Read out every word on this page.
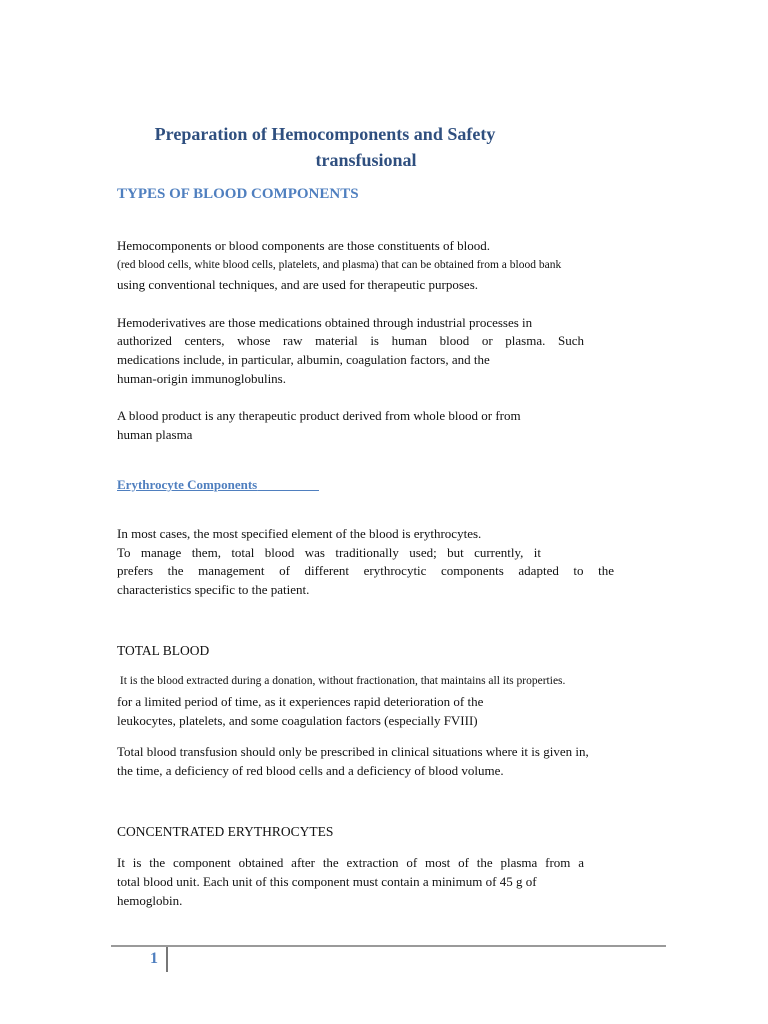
Preparation of Hemocomponents and Safety
transfusional
TYPES OF BLOOD COMPONENTS
Hemocomponents or blood components are those constituents of blood.
(red blood cells, white blood cells, platelets, and plasma) that can be obtained from a blood bank
using conventional techniques, and are used for therapeutic purposes.
Hemoderivatives are those medications obtained through industrial processes in
authorized centers, whose raw material is human blood or plasma. Such
medications include, in particular, albumin, coagulation factors, and the
human-origin immunoglobulins.
A blood product is any therapeutic product derived from whole blood or from
human plasma
Erythrocyte Components
In most cases, the most specified element of the blood is erythrocytes.
To manage them, total blood was traditionally used; but currently, it
prefers the management of different erythrocytic components adapted to the
characteristics specific to the patient.
TOTAL BLOOD
It is the blood extracted during a donation, without fractionation, that maintains all its properties.
for a limited period of time, as it experiences rapid deterioration of the
leukocytes, platelets, and some coagulation factors (especially FVIII)
Total blood transfusion should only be prescribed in clinical situations where it is given in,
the time, a deficiency of red blood cells and a deficiency of blood volume.
CONCENTRATED ERYTHROCYTES
It is the component obtained after the extraction of most of the plasma from a
total blood unit. Each unit of this component must contain a minimum of 45 g of
hemoglobin.
1
